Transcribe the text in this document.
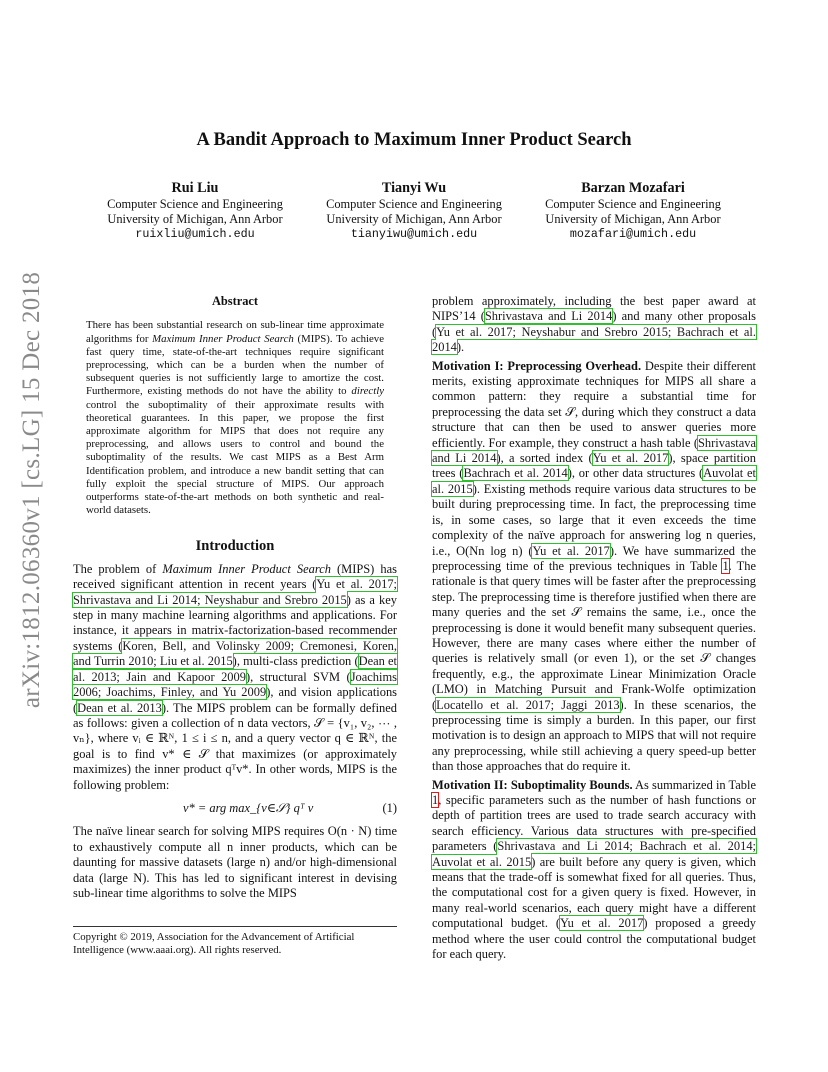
arXiv:1812.06360v1 [cs.LG] 15 Dec 2018
A Bandit Approach to Maximum Inner Product Search
Rui Liu
Computer Science and Engineering
University of Michigan, Ann Arbor
ruixliu@umich.edu
Tianyi Wu
Computer Science and Engineering
University of Michigan, Ann Arbor
tianyiwu@umich.edu
Barzan Mozafari
Computer Science and Engineering
University of Michigan, Ann Arbor
mozafari@umich.edu
Abstract

There has been substantial research on sub-linear time approximate algorithms for Maximum Inner Product Search (MIPS). To achieve fast query time, state-of-the-art techniques require significant preprocessing, which can be a burden when the number of subsequent queries is not sufficiently large to amortize the cost. Furthermore, existing methods do not have the ability to directly control the suboptimality of their approximate results with theoretical guarantees. In this paper, we propose the first approximate algorithm for MIPS that does not require any preprocessing, and allows users to control and bound the suboptimality of the results. We cast MIPS as a Best Arm Identification problem, and introduce a new bandit setting that can fully exploit the special structure of MIPS. Our approach outperforms state-of-the-art methods on both synthetic and real-world datasets.

Introduction

The problem of Maximum Inner Product Search (MIPS) has received significant attention in recent years (Yu et al. 2017; Shrivastava and Li 2014; Neyshabur and Srebro 2015) as a key step in many machine learning algorithms and applications. For instance, it appears in matrix-factorization-based recommender systems (Koren, Bell, and Volinsky 2009; Cremonesi, Koren, and Turrin 2010; Liu et al. 2015), multi-class prediction (Dean et al. 2013; Jain and Kapoor 2009), structural SVM (Joachims 2006; Joachims, Finley, and Yu 2009), and vision applications (Dean et al. 2013). The MIPS problem can be formally defined as follows: given a collection of n data vectors, 𝒮 = {v₁, v₂, ⋯ , vₙ}, where vᵢ ∈ ℝᴺ, 1 ≤ i ≤ n, and a query vector q ∈ ℝᴺ, the goal is to find v* ∈ 𝒮 that maximizes (or approximately maximizes) the inner product qᵀv*. In other words, MIPS is the following problem:

v* = arg max_{v∈𝒮} qᵀ v	(1)

The naïve linear search for solving MIPS requires O(n · N) time to exhaustively compute all n inner products, which can be daunting for massive datasets (large n) and/or high-dimensional data (large N). This has led to significant interest in devising sub-linear time algorithms to solve the MIPS

Copyright © 2019, Association for the Advancement of Artificial Intelligence (www.aaai.org). All rights reserved.

problem approximately, including the best paper award at NIPS’14 (Shrivastava and Li 2014) and many other proposals (Yu et al. 2017; Neyshabur and Srebro 2015; Bachrach et al. 2014).

Motivation I: Preprocessing Overhead. Despite their different merits, existing approximate techniques for MIPS all share a common pattern: they require a substantial time for preprocessing the data set 𝒮, during which they construct a data structure that can then be used to answer queries more efficiently. For example, they construct a hash table (Shrivastava and Li 2014), a sorted index (Yu et al. 2017), space partition trees (Bachrach et al. 2014), or other data structures (Auvolat et al. 2015). Existing methods require various data structures to be built during preprocessing time. In fact, the preprocessing time is, in some cases, so large that it even exceeds the time complexity of the naïve approach for answering log n queries, i.e., O(Nn log n) (Yu et al. 2017). We have summarized the preprocessing time of the previous techniques in Table 1. The rationale is that query times will be faster after the preprocessing step. The preprocessing time is therefore justified when there are many queries and the set 𝒮 remains the same, i.e., once the preprocessing is done it would benefit many subsequent queries. However, there are many cases where either the number of queries is relatively small (or even 1), or the set 𝒮 changes frequently, e.g., the approximate Linear Minimization Oracle (LMO) in Matching Pursuit and Frank-Wolfe optimization (Locatello et al. 2017; Jaggi 2013). In these scenarios, the preprocessing time is simply a burden. In this paper, our first motivation is to design an approach to MIPS that will not require any preprocessing, while still achieving a query speed-up better than those approaches that do require it.

Motivation II: Suboptimality Bounds. As summarized in Table 1, specific parameters such as the number of hash functions or depth of partition trees are used to trade search accuracy with search efficiency. Various data structures with pre-specified parameters (Shrivastava and Li 2014; Bachrach et al. 2014; Auvolat et al. 2015) are built before any query is given, which means that the trade-off is somewhat fixed for all queries. Thus, the computational cost for a given query is fixed. However, in many real-world scenarios, each query might have a different computational budget. (Yu et al. 2017) proposed a greedy method where the user could control the computational budget for each query.
